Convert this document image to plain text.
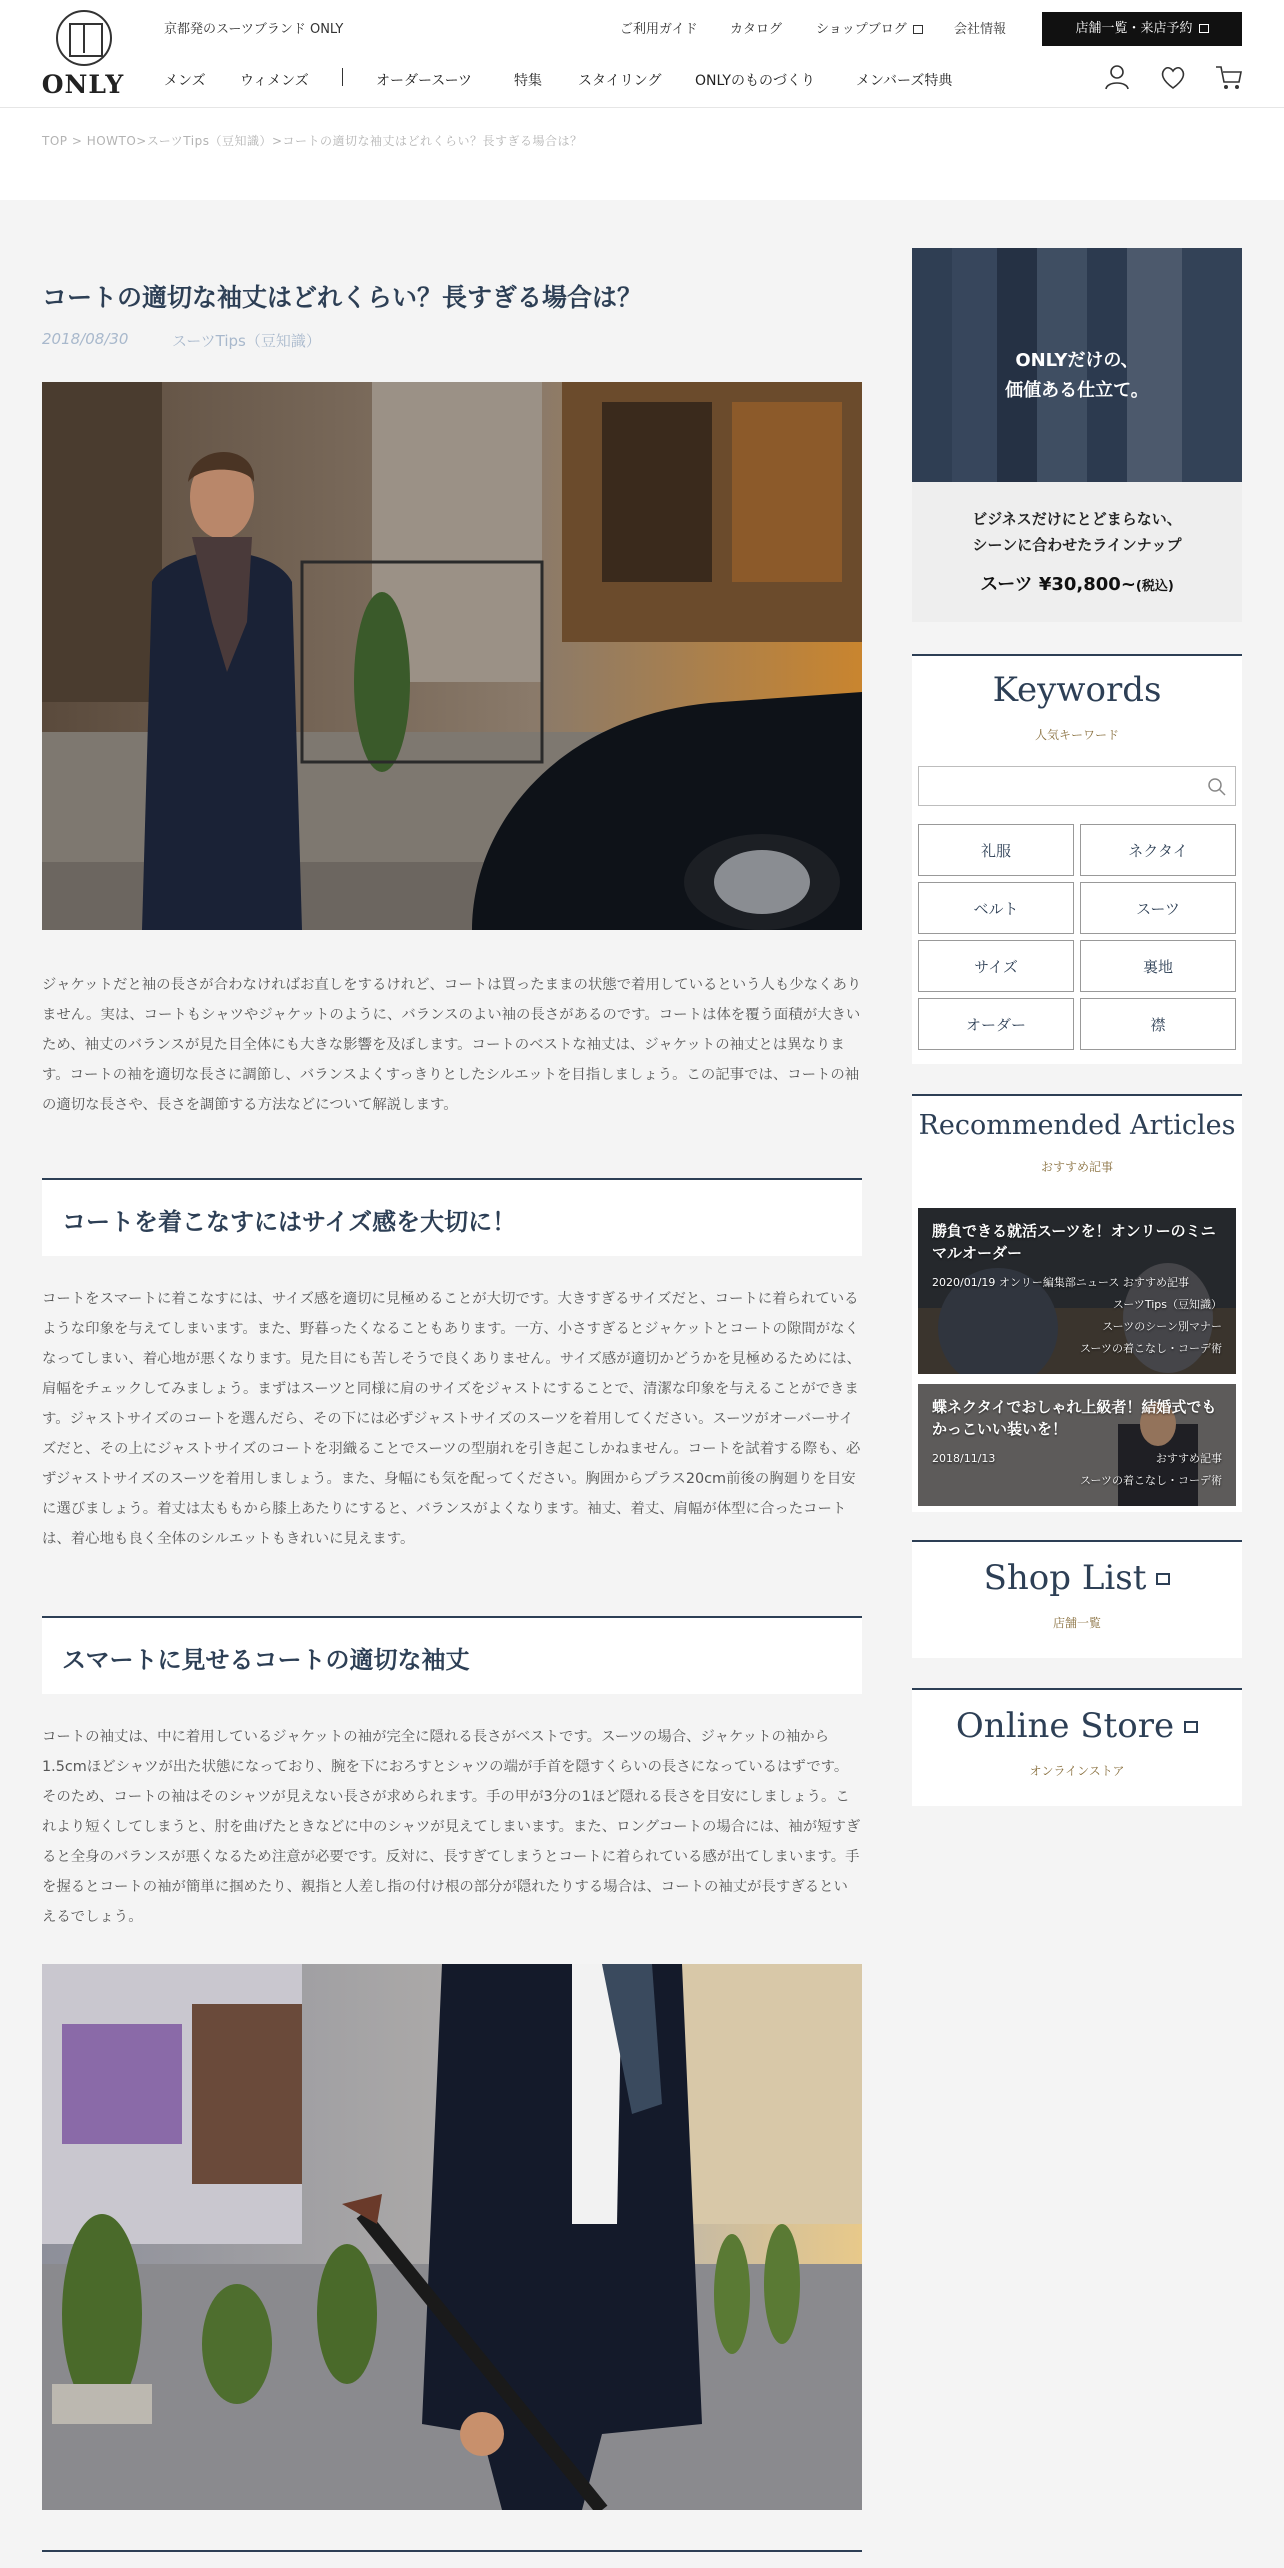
ONLY
京都発のスーツブランド ONLY	ご利用ガイド カタログ	ショップブログ	会社情報	店舗一覧・来店予約
メンズ ウィメンズ	オーダースーツ	特集	スタイリング ONLYのものづくり	メンバーズ特典
TOP > HOWTO>スーツTips（豆知識）>コートの適切な袖丈はどれくらい？長すぎる場合は？
コートの適切な袖丈はどれくらい？長すぎる場合は？
2018/08/30	スーツTips（豆知識）
ジャケットだと袖の長さが合わなければお直しをするけれど、コートは買ったままの状態で着用しているという人も少なくありません。実は、コートもシャツやジャケットのように、バランスのよい袖の長さがあるのです。コートは体を覆う面積が大きいため、袖丈のバランスが見た目全体にも大きな影響を及ぼします。コートのベストな袖丈は、ジャケットの袖丈とは異なります。コートの袖を適切な長さに調節し、バランスよくすっきりとしたシルエットを目指しましょう。この記事では、コートの袖の適切な長さや、長さを調節する方法などについて解説します。
コートを着こなすにはサイズ感を大切に！
コートをスマートに着こなすには、サイズ感を適切に見極めることが大切です。大きすぎるサイズだと、コートに着られているような印象を与えてしまいます。また、野暮ったくなることもあります。一方、小さすぎるとジャケットとコートの隙間がなくなってしまい、着心地が悪くなります。見た目にも苦しそうで良くありません。サイズ感が適切かどうかを見極めるためには、肩幅をチェックしてみましょう。まずはスーツと同様に肩のサイズをジャストにすることで、清潔な印象を与えることができます。ジャストサイズのコートを選んだら、その下には必ずジャストサイズのスーツを着用してください。スーツがオーバーサイズだと、その上にジャストサイズのコートを羽織ることでスーツの型崩れを引き起こしかねません。コートを試着する際も、必ずジャストサイズのスーツを着用しましょう。また、身幅にも気を配ってください。胸囲からプラス20cm前後の胸廻りを目安に選びましょう。着丈は太ももから膝上あたりにすると、バランスがよくなります。袖丈、着丈、肩幅が体型に合ったコートは、着心地も良く全体のシルエットもきれいに見えます。
スマートに見せるコートの適切な袖丈
コートの袖丈は、中に着用しているジャケットの袖が完全に隠れる長さがベストです。スーツの場合、ジャケットの袖から1.5cmほどシャツが出た状態になっており、腕を下におろすとシャツの端が手首を隠すくらいの長さになっているはずです。そのため、コートの袖はそのシャツが見えない長さが求められます。手の甲が3分の1ほど隠れる長さを目安にしましょう。これより短くしてしまうと、肘を曲げたときなどに中のシャツが見えてしまいます。また、ロングコートの場合には、袖が短すぎると全身のバランスが悪くなるため注意が必要です。反対に、長すぎてしまうとコートに着られている感が出てしまいます。手を握るとコートの袖が簡単に掴めたり、親指と人差し指の付け根の部分が隠れたりする場合は、コートの袖丈が長すぎるといえるでしょう。
ONLYだけの、
価値ある仕立て。
ビジネスだけにとどまらない、
シーンに合わせたラインナップ
スーツ ¥30,800~(税込)
Keywords
人気キーワード
礼服	ネクタイ
ベルト	スーツ
サイズ	裏地
オーダー	襟
Recommended Articles
おすすめ記事
勝負できる就活スーツを！オンリーのミニマルオーダー
2020/01/19 オンリー編集部ニュース おすすめ記事
スーツTips（豆知識）
スーツのシーン別マナー
スーツの着こなし・コーデ術
蝶ネクタイでおしゃれ上級者！結婚式でもかっこいい装いを！
2018/11/13	おすすめ記事
スーツの着こなし・コーデ術
Shop List
店舗一覧
Online Store
オンラインストア
